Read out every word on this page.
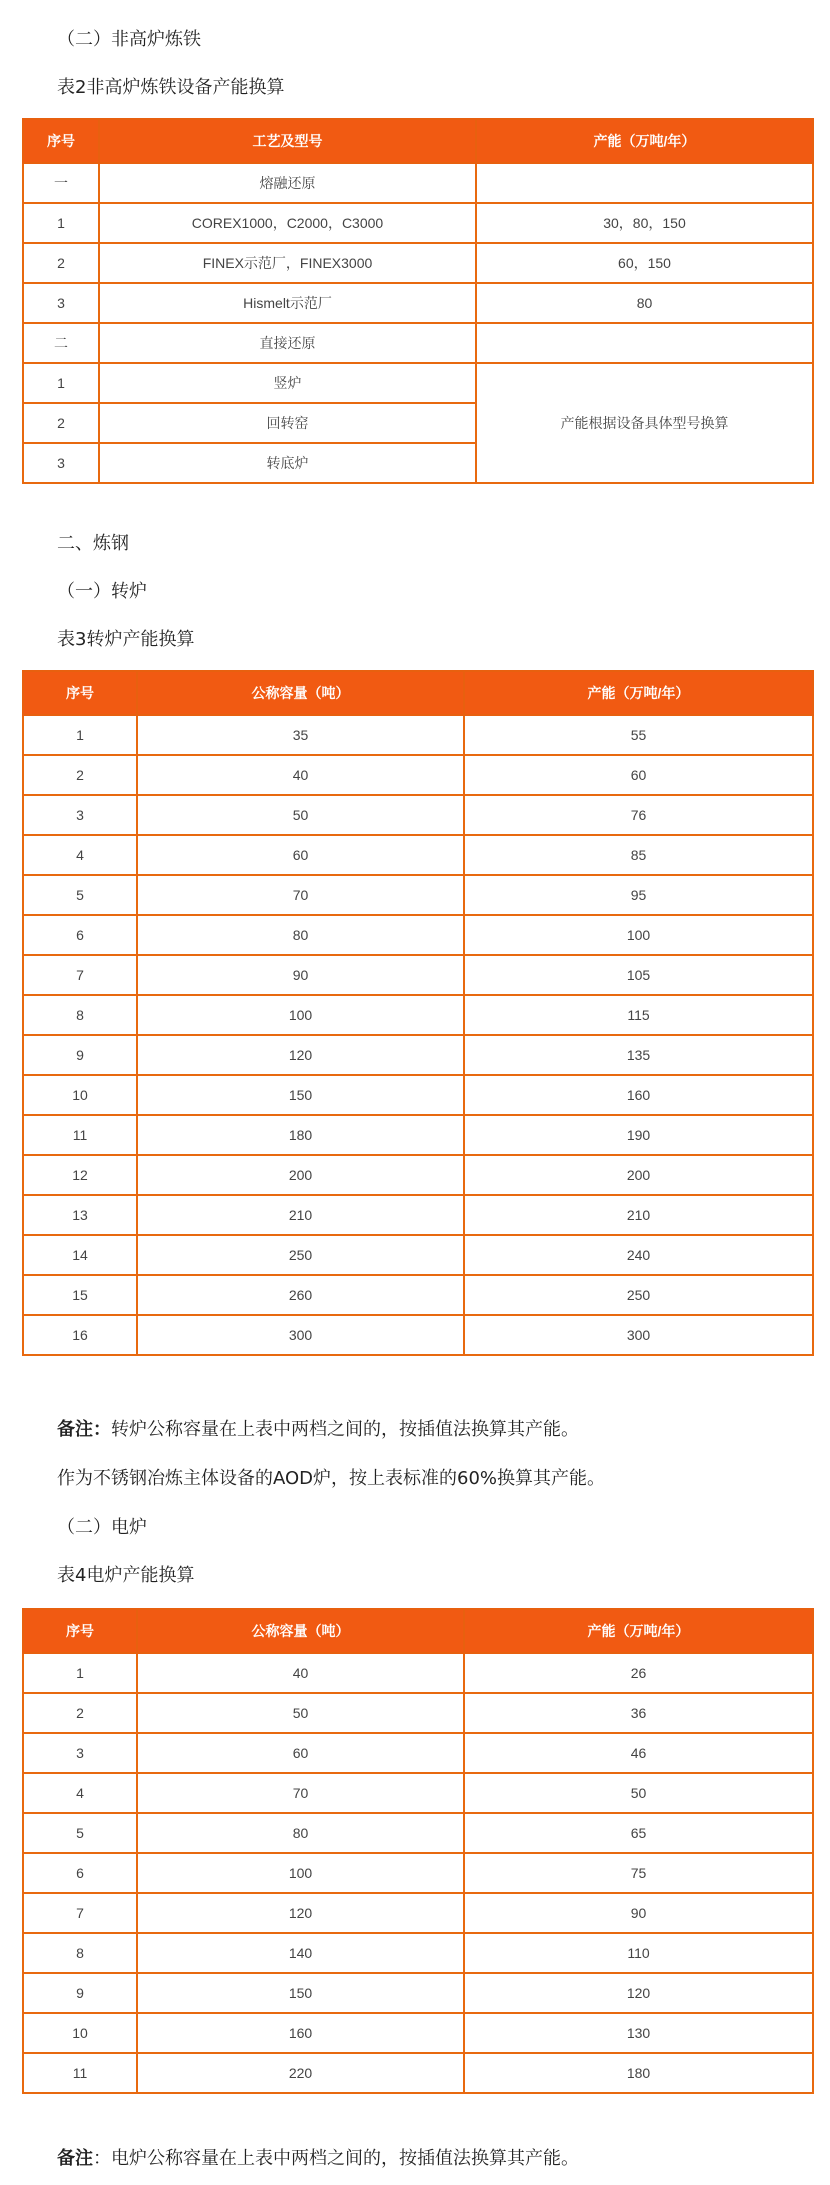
（二）非高炉炼铁
表2非高炉炼铁设备产能换算
序号	工艺及型号	产能（万吨/年）
一	熔融还原	
1	COREX1000，C2000，C3000	30，80，150
2	FINEX示范厂，FINEX3000	60，150
3	Hismelt示范厂	80
二	直接还原	
1	竖炉	产能根据设备具体型号换算
2	回转窑	
3	转底炉	
二、炼钢
（一）转炉
表3转炉产能换算
序号	公称容量（吨）	产能（万吨/年）
1	35	55
2	40	60
3	50	76
4	60	85
5	70	95
6	80	100
7	90	105
8	100	115
9	120	135
10	150	160
11	180	190
12	200	200
13	210	210
14	250	240
15	260	250
16	300	300
备注：转炉公称容量在上表中两档之间的，按插值法换算其产能。
作为不锈钢冶炼主体设备的AOD炉，按上表标准的60%换算其产能。
（二）电炉
表4电炉产能换算
序号	公称容量（吨）	产能（万吨/年）
1	40	26
2	50	36
3	60	46
4	70	50
5	80	65
6	100	75
7	120	90
8	140	110
9	150	120
10	160	130
11	220	180
备注：电炉公称容量在上表中两档之间的，按插值法换算其产能。
